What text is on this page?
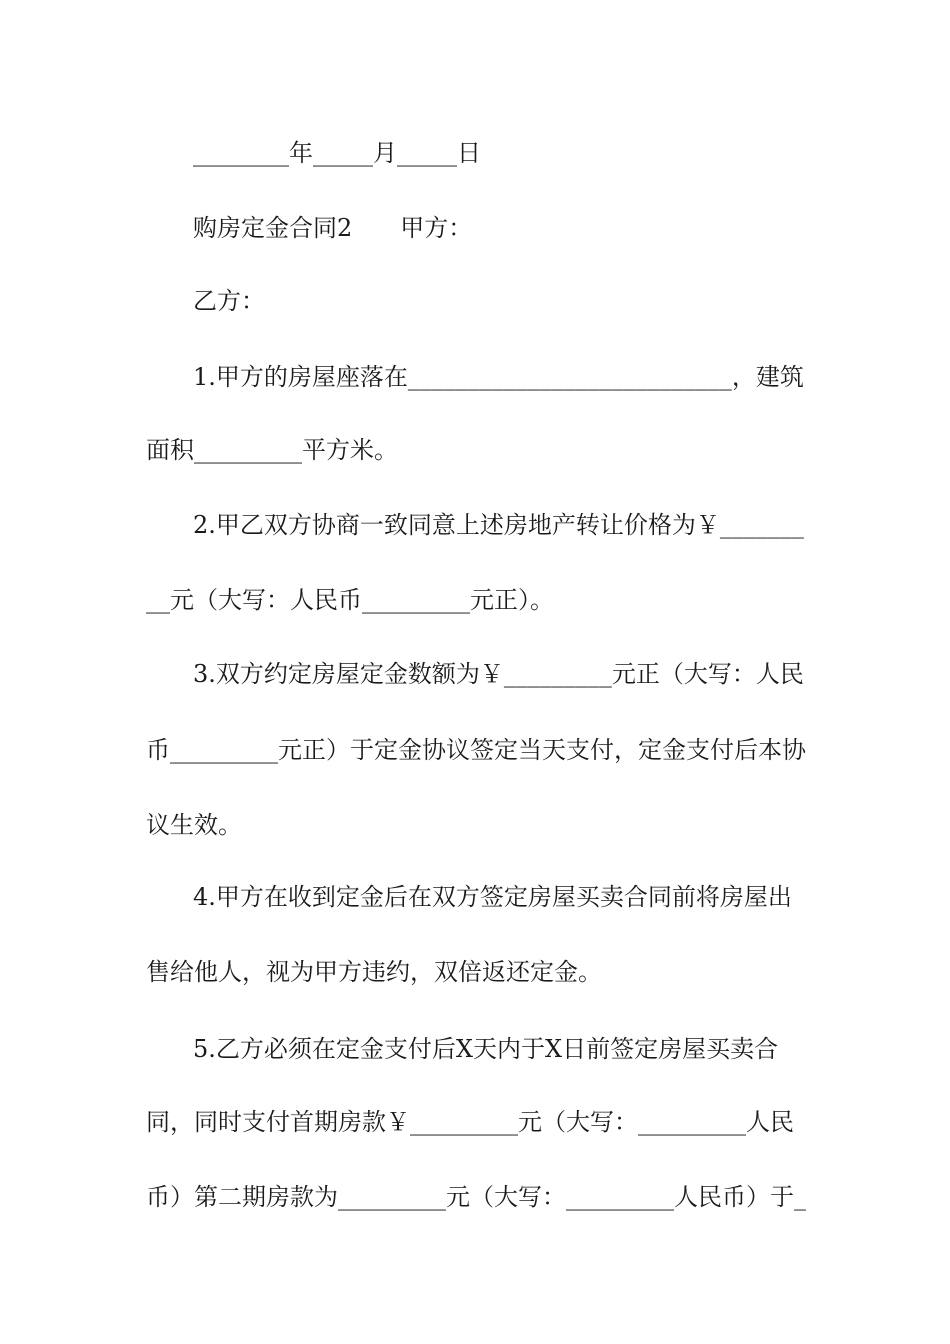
________年_____月_____日
购房定金合同2　　甲方：
乙方：
1.甲方的房屋座落在___________________________，建筑
面积_________平方米。
2.甲乙双方协商一致同意上述房地产转让价格为￥_______
__元（大写：人民币_________元正）。
3.双方约定房屋定金数额为￥_________元正（大写：人民
币_________元正）于定金协议签定当天支付，定金支付后本协
议生效。
4.甲方在收到定金后在双方签定房屋买卖合同前将房屋出
售给他人，视为甲方违约，双倍返还定金。
5.乙方必须在定金支付后X天内于X日前签定房屋买卖合
同，同时支付首期房款￥_________元（大写：_________人民
币）第二期房款为_________元（大写：_________人民币）于_
